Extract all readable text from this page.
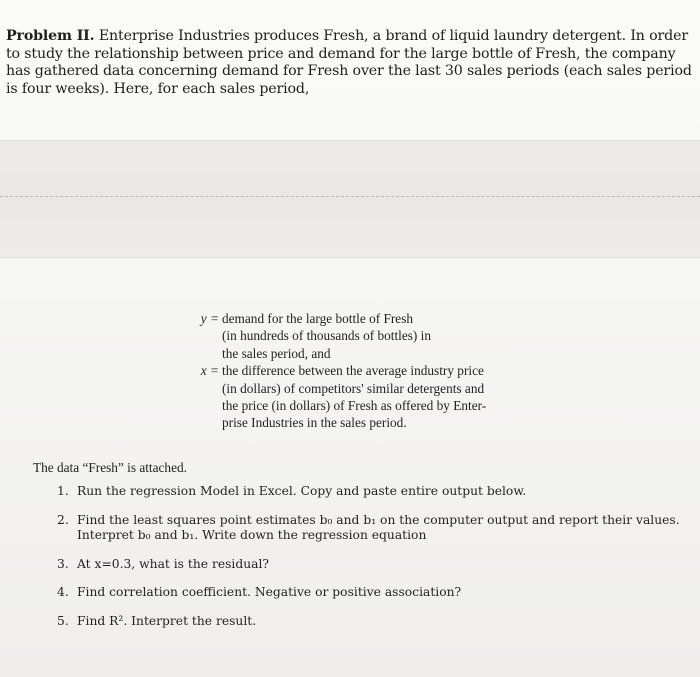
Problem II. Enterprise Industries produces Fresh, a brand of liquid laundry detergent. In order to study the relationship between price and demand for the large bottle of Fresh, the company has gathered data concerning demand for Fresh over the last 30 sales periods (each sales period is four weeks). Here, for each sales period,

y = demand for the large bottle of Fresh
(in hundreds of thousands of bottles) in
the sales period, and
x = the difference between the average industry price
(in dollars) of competitors' similar detergents and
the price (in dollars) of Fresh as offered by Enter-
prise Industries in the sales period.
The data “Fresh” is attached.
1. Run the regression Model in Excel. Copy and paste entire output below.
2. Find the least squares point estimates b₀ and b₁ on the computer output and report their values. Interpret b₀ and b₁. Write down the regression equation
3. At x=0.3, what is the residual?
4. Find correlation coefficient. Negative or positive association?
5. Find R². Interpret the result.
